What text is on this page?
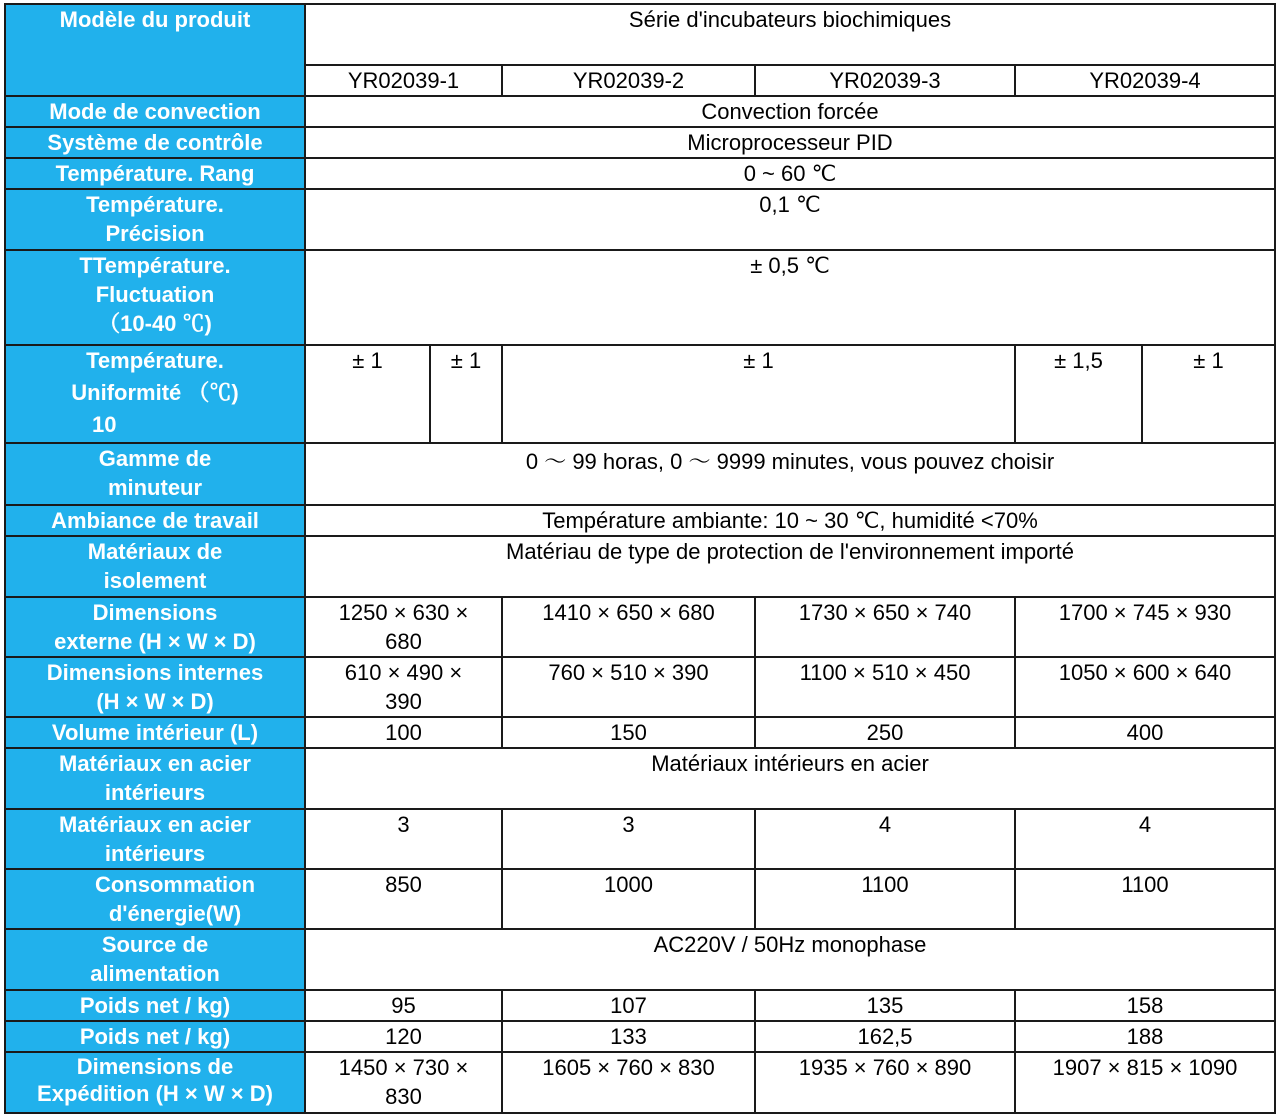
Modèle du produit	Série d'incubateurs biochimiques					
	YR02039-1		YR02039-2	YR02039-3	YR02039-4	
Mode de convection	Convection forcée					
Système de contrôle	Microprocesseur PID					
Température. Rang	0 ~ 60 ℃					

Température.
Précision	0,1 ℃					

TTempérature.
Fluctuation
（10-40 ℃)	± 0,5 ℃					

Température.
Uniformité （℃)
10	± 1	± 1	± 1		± 1,5	± 1

Gamme de
minuteur	0 ～ 99 horas, 0 ～ 9999 minutes, vous pouvez choisir					
Ambiance de travail	Température ambiante: 10 ~ 30 ℃, humidité <70%					

Matériaux de
isolement	Matériau de type de protection de l'environnement importé					

Dimensions
externe (H × W × D)	1250 × 630 ×
680		1410 × 650 × 680	1730 × 650 × 740	1700 × 745 × 930	

Dimensions internes
(H × W × D)	610 × 490 ×
390		760 × 510 × 390	1100 × 510 × 450	1050 × 600 × 640	
Volume intérieur (L)	100		150	250	400	

Matériaux en acier
intérieurs	Matériaux intérieurs en acier					

Matériaux en acier
intérieurs	3		3	4	4	

Consommation
d'énergie(W)	850		1000	1100	1100	

Source de
alimentation	AC220V / 50Hz monophase					
Poids net / kg)	95		107	135	158	
Poids net / kg)	120		133	162,5	188	

Dimensions de
Expédition (H × W × D)	1450 × 730 ×
830		1605 × 760 × 830	1935 × 760 × 890	1907 × 815 × 1090	
